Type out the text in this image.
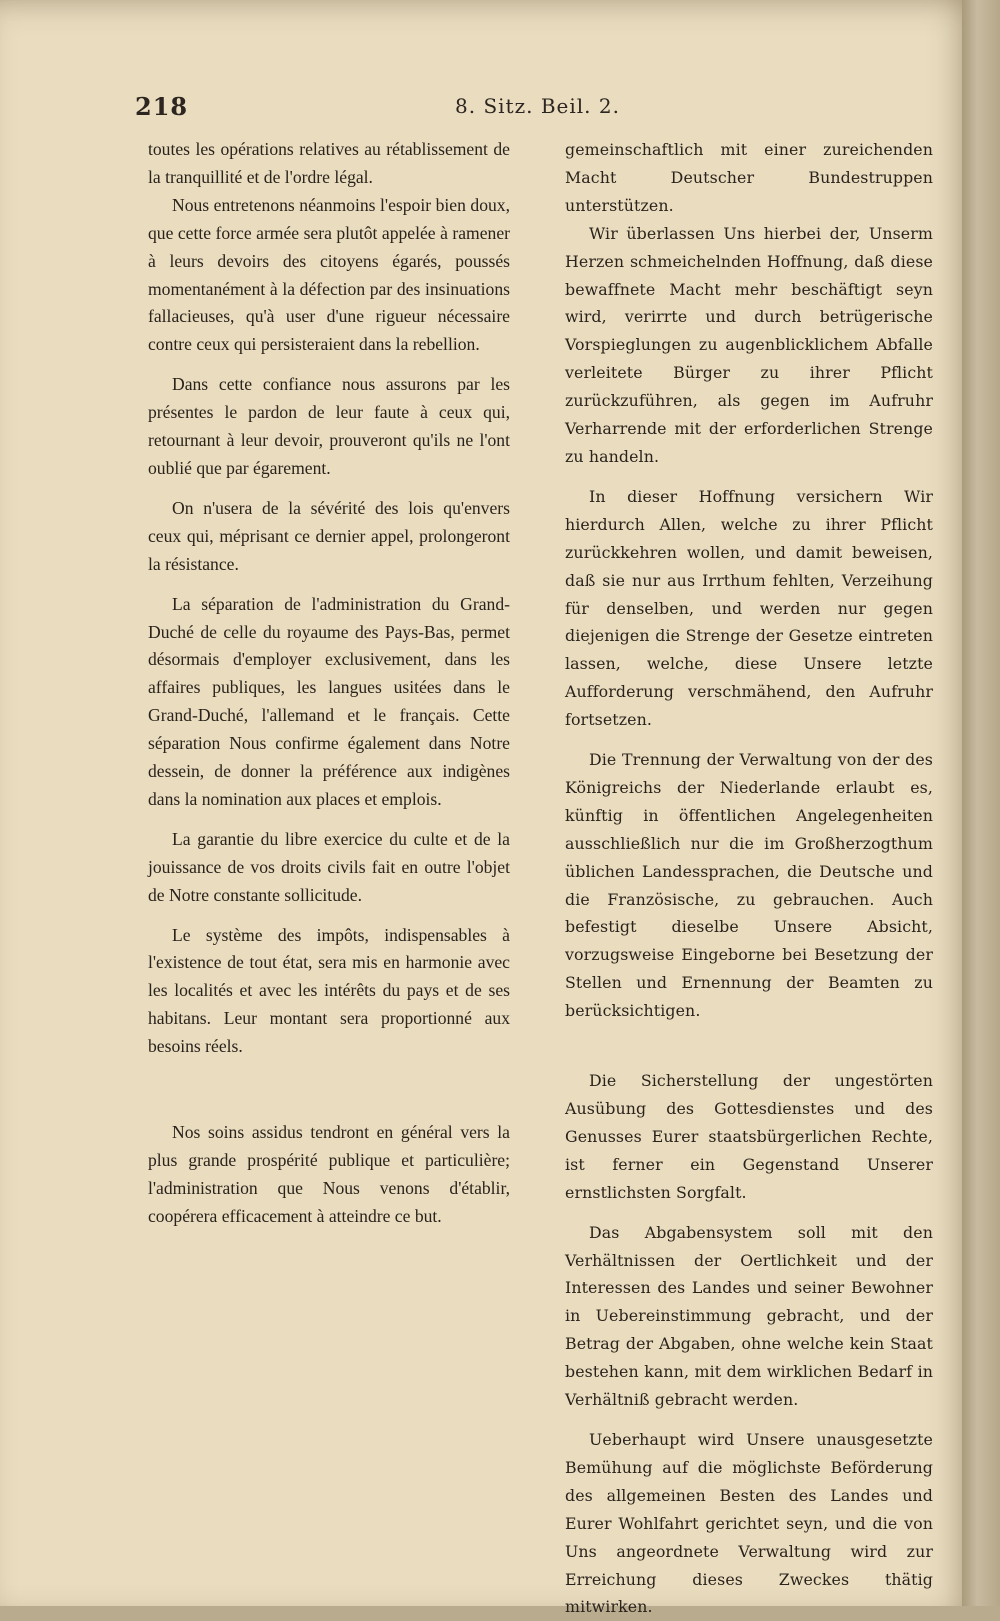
218	8. Sitz. Beil. 2.

toutes les opérations relatives au rétablissement de la tranquillité et de l'ordre légal.

Nous entretenons néanmoins l'espoir bien doux, que cette force armée sera plutôt appelée à ramener à leurs devoirs des citoyens égarés, poussés momentanément à la défection par des insinuations fallacieuses, qu'à user d'une rigueur nécessaire contre ceux qui persisteraient dans la rebellion.

Dans cette confiance nous assurons par les présentes le pardon de leur faute à ceux qui, retournant à leur devoir, prouveront qu'ils ne l'ont oublié que par égarement.

On n'usera de la sévérité des lois qu'envers ceux qui, méprisant ce dernier appel, prolongeront la résistance.

La séparation de l'administration du Grand-Duché de celle du royaume des Pays-Bas, permet désormais d'employer exclusivement, dans les affaires publiques, les langues usitées dans le Grand-Duché, l'allemand et le français. Cette séparation Nous confirme également dans Notre dessein, de donner la préférence aux indigènes dans la nomination aux places et emplois.

La garantie du libre exercice du culte et de la jouissance de vos droits civils fait en outre l'objet de Notre constante sollicitude.

Le système des impôts, indispensables à l'existence de tout état, sera mis en harmonie avec les localités et avec les intérêts du pays et de ses habitans. Leur montant sera proportionné aux besoins réels.

Nos soins assidus tendront en général vers la plus grande prospérité publique et particulière; l'administration que Nous venons d'établir, coopérera efficacement à atteindre ce but.

gemeinschaftlich mit einer zureichenden Macht Deutscher Bundestruppen unterstützen.

Wir überlassen Uns hierbei der, Unserm Herzen schmeichelnden Hoffnung, daß diese bewaffnete Macht mehr beschäftigt seyn wird, verirrte und durch betrügerische Vorspieglungen zu augenblicklichem Abfalle verleitete Bürger zu ihrer Pflicht zurückzuführen, als gegen im Aufruhr Verharrende mit der erforderlichen Strenge zu handeln.

In dieser Hoffnung versichern Wir hierdurch Allen, welche zu ihrer Pflicht zurückkehren wollen, und damit beweisen, daß sie nur aus Irrthum fehlten, Verzeihung für denselben, und werden nur gegen diejenigen die Strenge der Gesetze eintreten lassen, welche, diese Unsere letzte Aufforderung verschmähend, den Aufruhr fortsetzen.

Die Trennung der Verwaltung von der des Königreichs der Niederlande erlaubt es, künftig in öffentlichen Angelegenheiten ausschließlich nur die im Großherzogthum üblichen Landessprachen, die Deutsche und die Französische, zu gebrauchen. Auch befestigt dieselbe Unsere Absicht, vorzugsweise Eingeborne bei Besetzung der Stellen und Ernennung der Beamten zu berücksichtigen.

Die Sicherstellung der ungestörten Ausübung des Gottesdienstes und des Genusses Eurer staatsbürgerlichen Rechte, ist ferner ein Gegenstand Unserer ernstlichsten Sorgfalt.

Das Abgabensystem soll mit den Verhältnissen der Oertlichkeit und der Interessen des Landes und seiner Bewohner in Uebereinstimmung gebracht, und der Betrag der Abgaben, ohne welche kein Staat bestehen kann, mit dem wirklichen Bedarf in Verhältniß gebracht werden.

Ueberhaupt wird Unsere unausgesetzte Bemühung auf die möglichste Beförderung des allgemeinen Besten des Landes und Eurer Wohlfahrt gerichtet seyn, und die von Uns angeordnete Verwaltung wird zur Erreichung dieses Zweckes thätig mitwirken.
